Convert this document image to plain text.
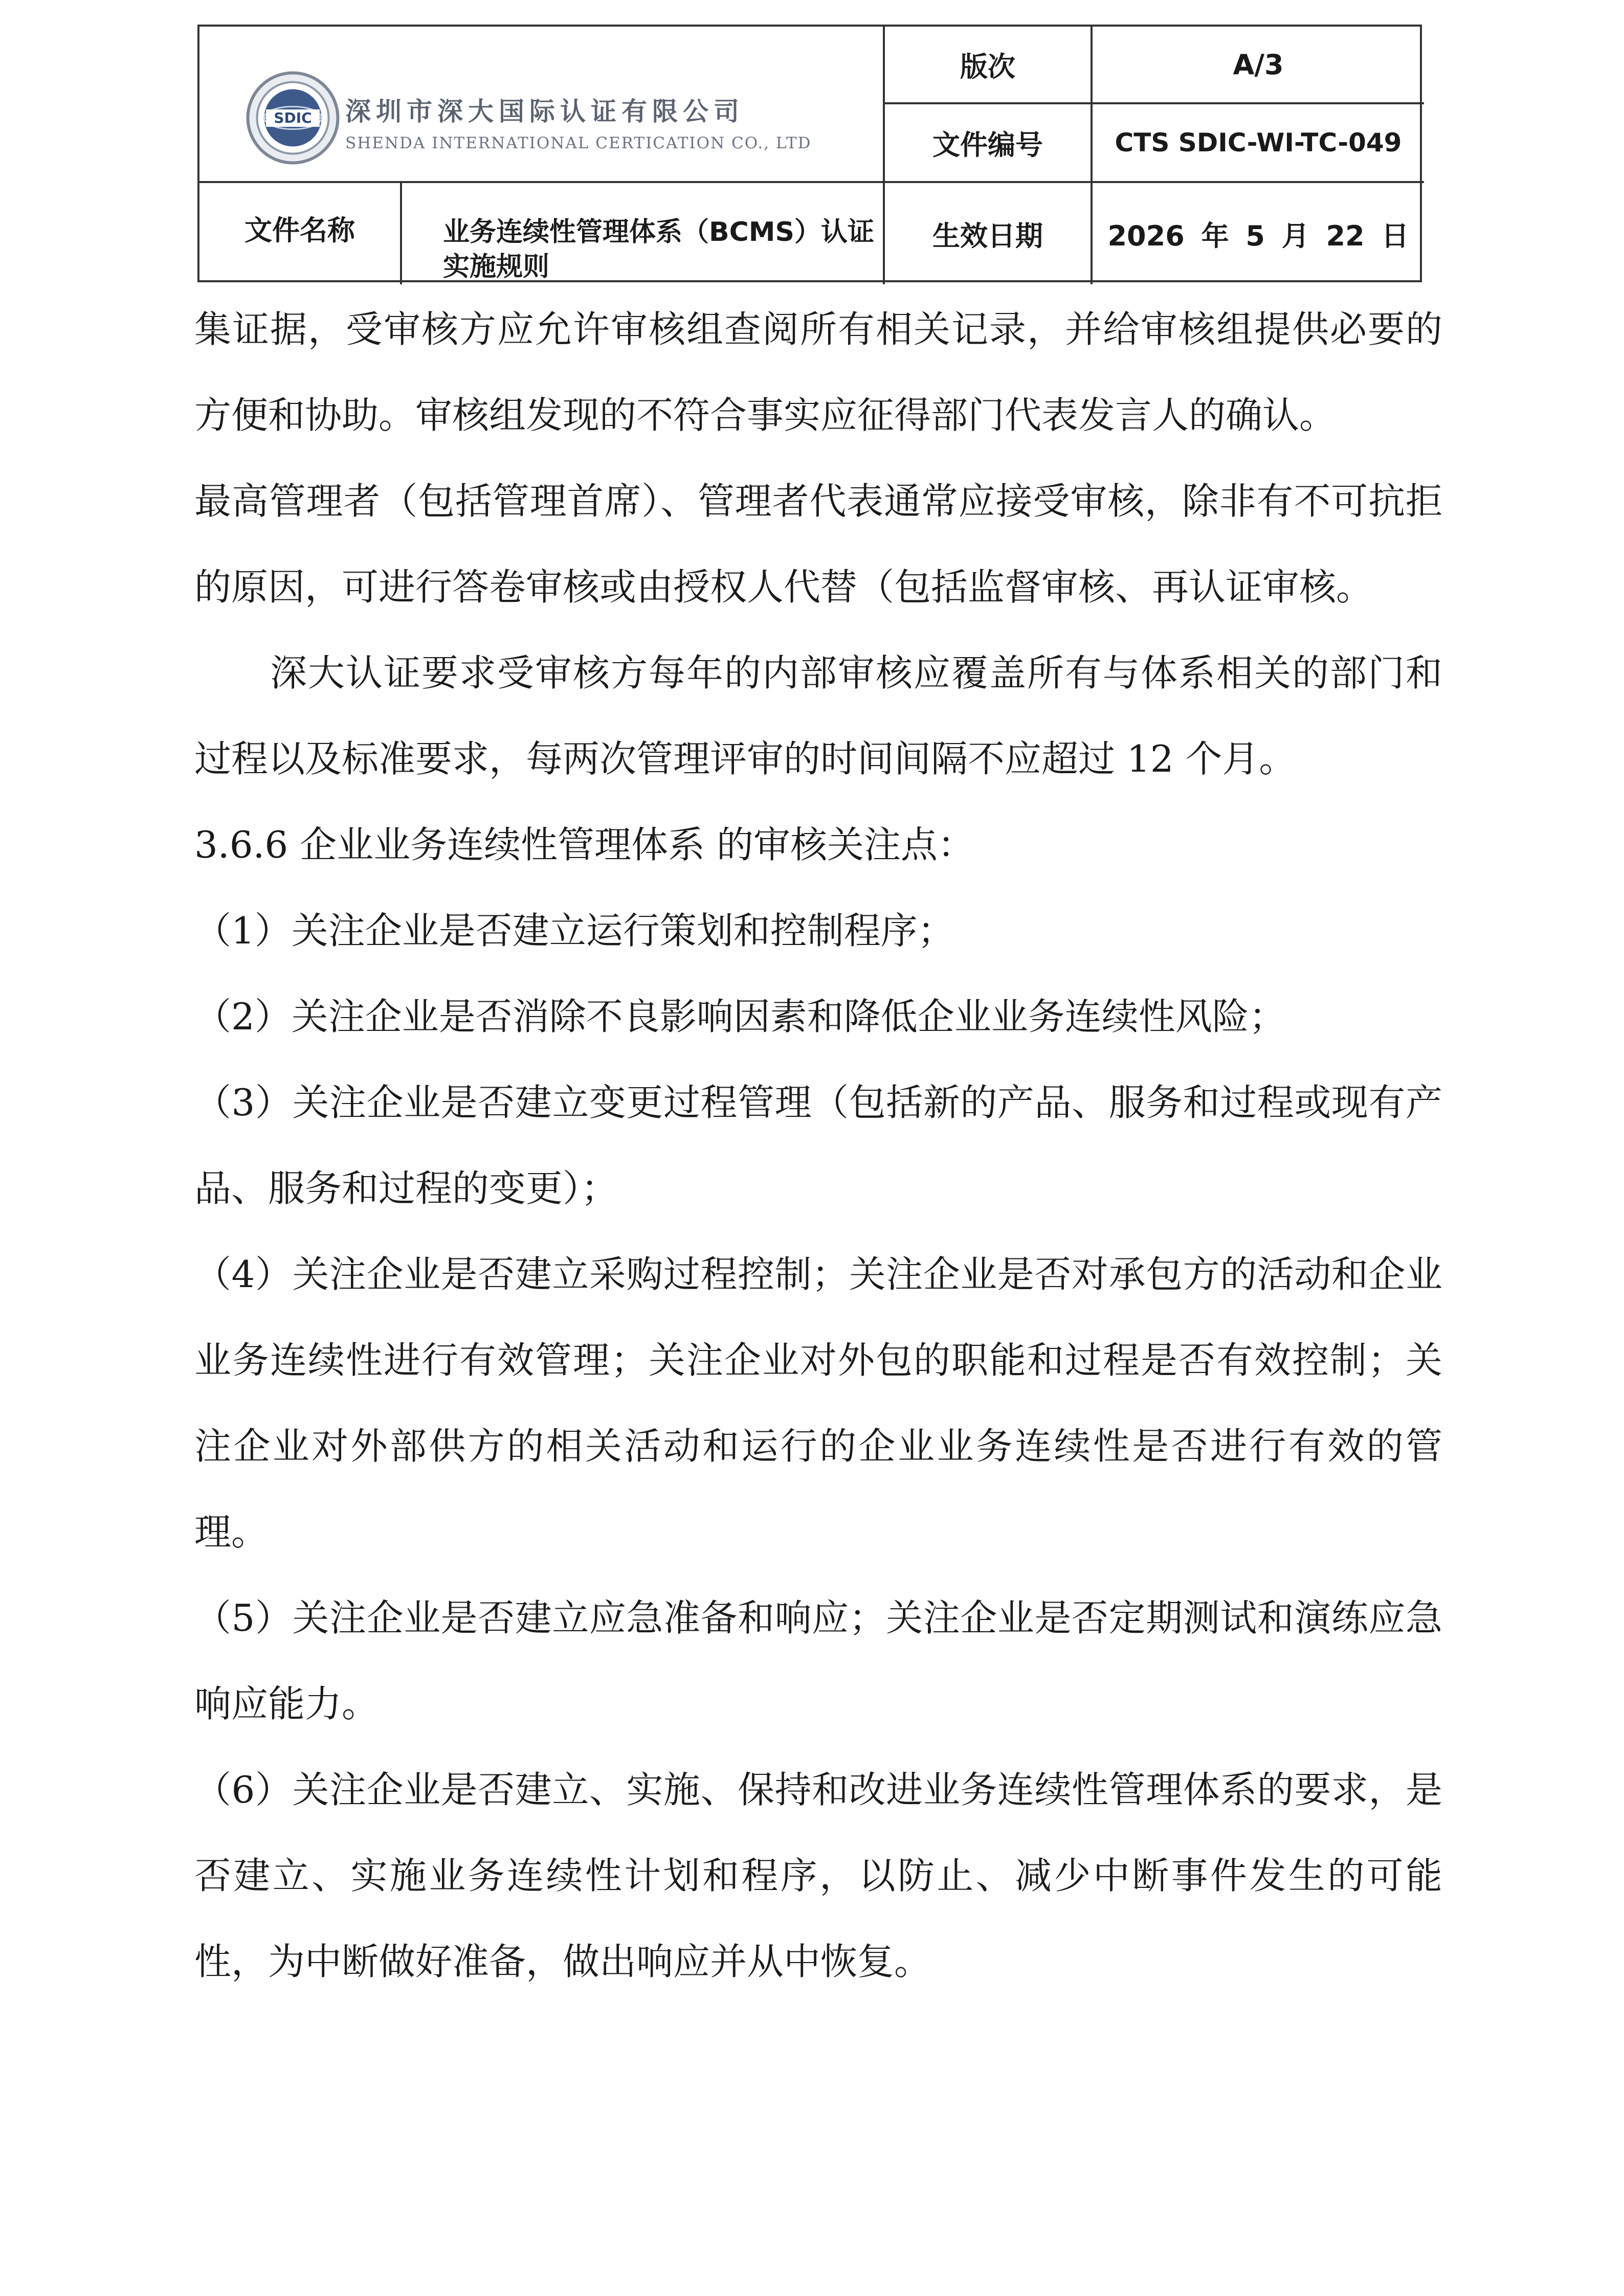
SDIC 深圳市深大国际认证有限公司
SHENDA INTERNATIONAL CERTICATION CO., LTD
版次	A/3
文件编号	CTS SDIC-WI-TC-049
文件名称	业务连续性管理体系（BCMS）认证实施规则
生效日期	2026 年 5 月 22 日

集证据，受审核方应允许审核组查阅所有相关记录，并给审核组提供必要的方便和协助。审核组发现的不符合事实应征得部门代表发言人的确认。

最高管理者（包括管理首席）、管理者代表通常应接受审核，除非有不可抗拒的原因，可进行答卷审核或由授权人代替（包括监督审核、再认证审核。

深大认证要求受审核方每年的内部审核应覆盖所有与体系相关的部门和过程以及标准要求，每两次管理评审的时间间隔不应超过 12 个月。

3.6.6 企业业务连续性管理体系 的审核关注点：

（1）关注企业是否建立运行策划和控制程序；

（2）关注企业是否消除不良影响因素和降低企业业务连续性风险；

（3）关注企业是否建立变更过程管理（包括新的产品、服务和过程或现有产品、服务和过程的变更）；

（4）关注企业是否建立采购过程控制；关注企业是否对承包方的活动和企业业务连续性进行有效管理；关注企业对外包的职能和过程是否有效控制；关注企业对外部供方的相关活动和运行的企业业务连续性是否进行有效的管理。

（5）关注企业是否建立应急准备和响应；关注企业是否定期测试和演练应急响应能力。

（6）关注企业是否建立、实施、保持和改进业务连续性管理体系的要求，是否建立、实施业务连续性计划和程序，以防止、减少中断事件发生的可能性，为中断做好准备，做出响应并从中恢复。
